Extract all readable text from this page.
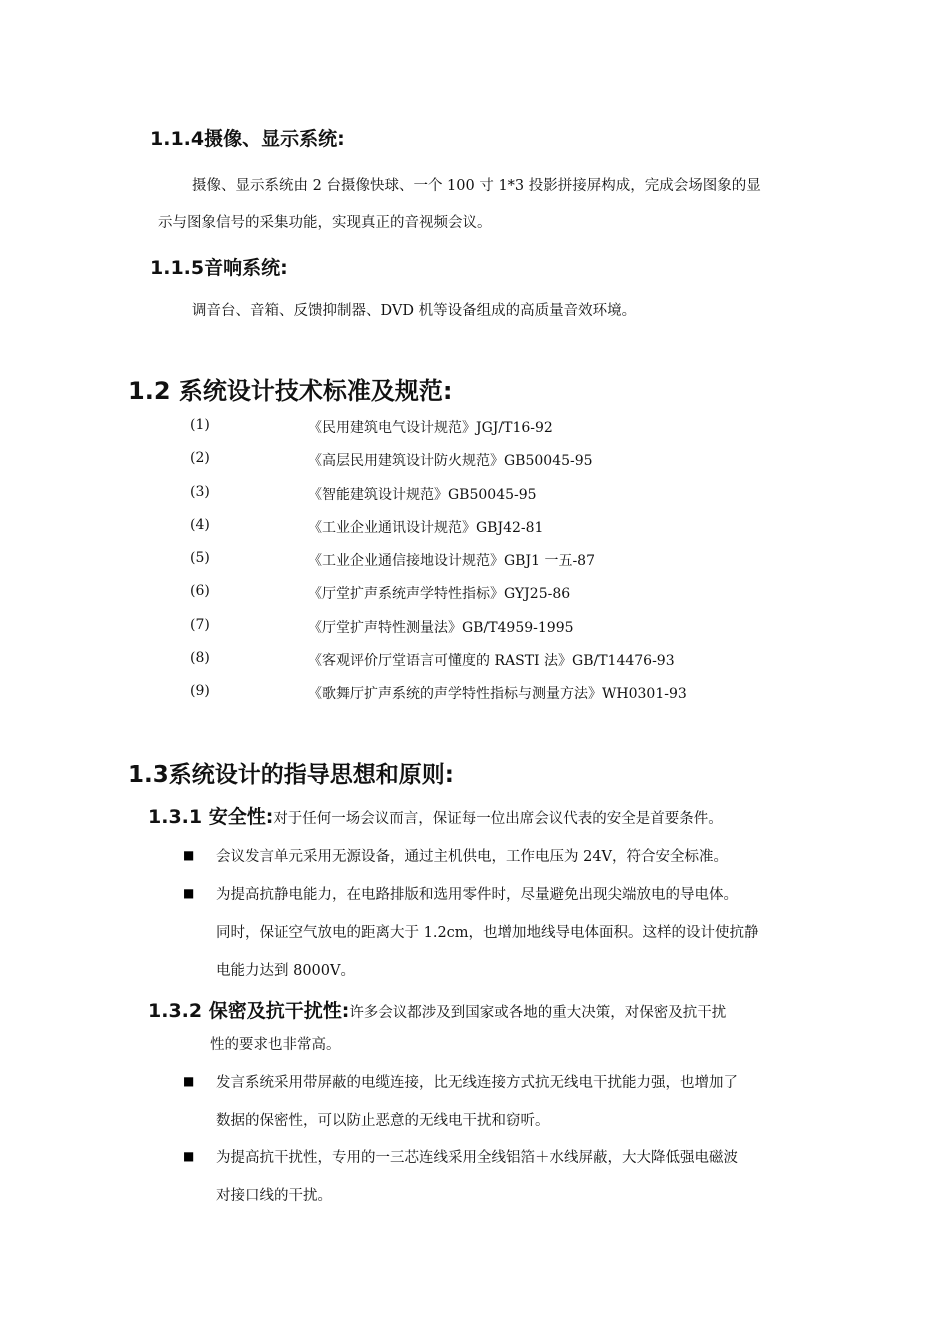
1.1.4摄像、显示系统:
摄像、显示系统由 2 台摄像快球、一个 100 寸 1*3 投影拼接屏构成，完成会场图象的显
示与图象信号的采集功能，实现真正的音视频会议。
1.1.5音响系统:
调音台、音箱、反馈抑制器、DVD 机等设备组成的高质量音效环境。
1.2 系统设计技术标准及规范:
(1)	《民用建筑电气设计规范》JGJ/T16-92
(2)	《高层民用建筑设计防火规范》GB50045-95
(3)	《智能建筑设计规范》GB50045-95
(4)	《工业企业通讯设计规范》GBJ42-81
(5)	《工业企业通信接地设计规范》GBJ1 一五-87
(6)	《厅堂扩声系统声学特性指标》GYJ25-86
(7)	《厅堂扩声特性测量法》GB/T4959-1995
(8)	《客观评价厅堂语言可懂度的 RASTI 法》GB/T14476-93
(9)	《歌舞厅扩声系统的声学特性指标与测量方法》WH0301-93
1.3系统设计的指导思想和原则:
1.3.1 安全性:对于任何一场会议而言，保证每一位出席会议代表的安全是首要条件。
■ 会议发言单元采用无源设备，通过主机供电，工作电压为 24V，符合安全标准。
■ 为提高抗静电能力，在电路排版和选用零件时，尽量避免出现尖端放电的导电体。
同时，保证空气放电的距离大于 1.2cm，也增加地线导电体面积。这样的设计使抗静
电能力达到 8000V。
1.3.2 保密及抗干扰性:许多会议都涉及到国家或各地的重大决策，对保密及抗干扰
性的要求也非常高。
■ 发言系统采用带屏蔽的电缆连接，比无线连接方式抗无线电干扰能力强，也增加了
数据的保密性，可以防止恶意的无线电干扰和窃听。
■ 为提高抗干扰性，专用的一三芯连线采用全线铝箔＋水线屏蔽，大大降低强电磁波
对接口线的干扰。
